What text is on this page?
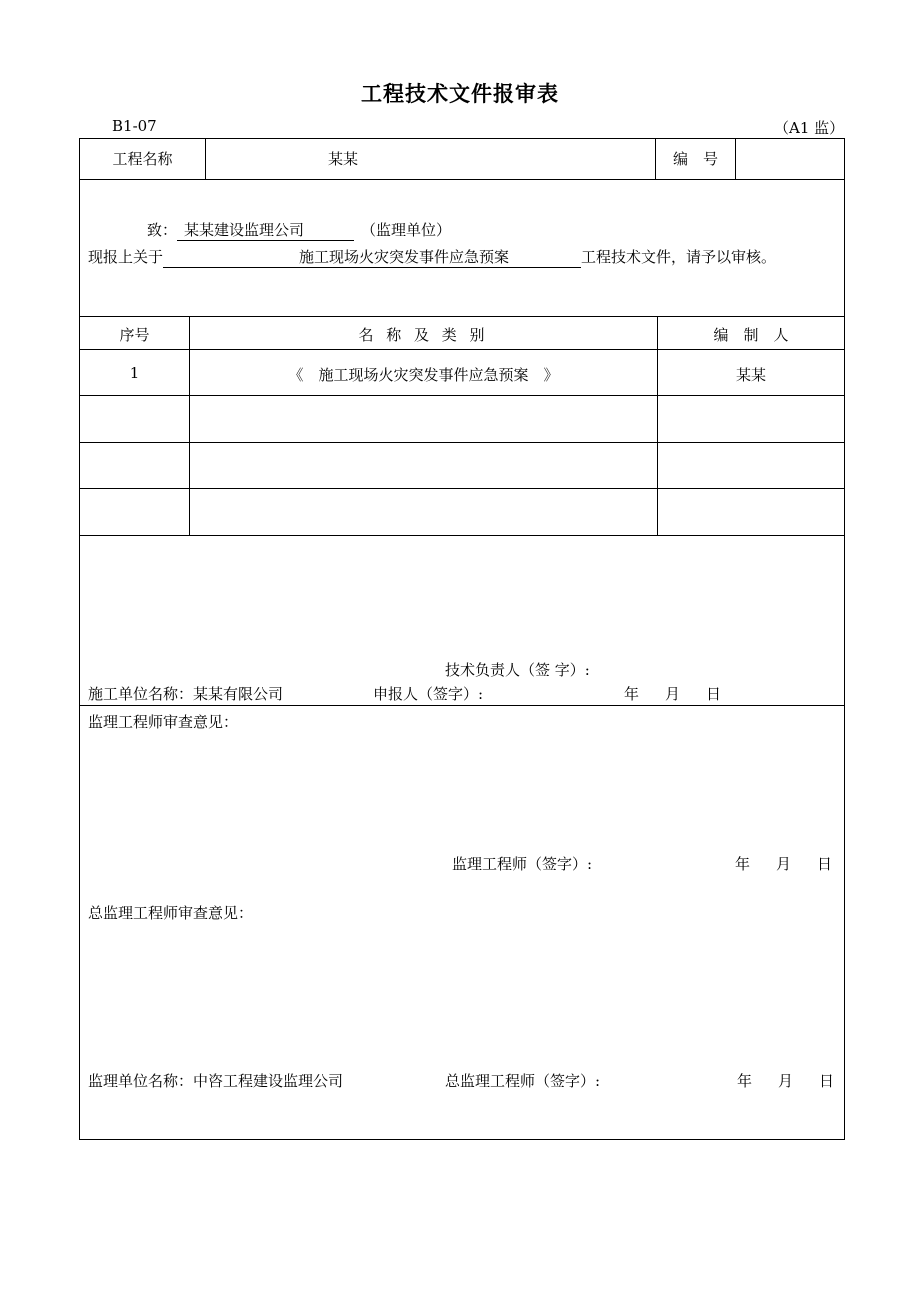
工程技术文件报审表
B1-07	（A1 监）
工程名称	某某	编　号
致： 某某建设监理公司	（监理单位）
现报上关于	施工现场火灾突发事件应急预案	工程技术文件，请予以审核。
序号	名 称 及 类 别	编　制　人
1	《　施工现场火灾突发事件应急预案　》	某某
技术负责人（签 字）:
施工单位名称：某某有限公司	申报人（签字）:	年 月 日
监理工程师审查意见：
监理工程师（签字）:	年 月 日
总监理工程师审查意见：
监理单位名称：中咨工程建设监理公司	总监理工程师（签字）:	年 月 日
